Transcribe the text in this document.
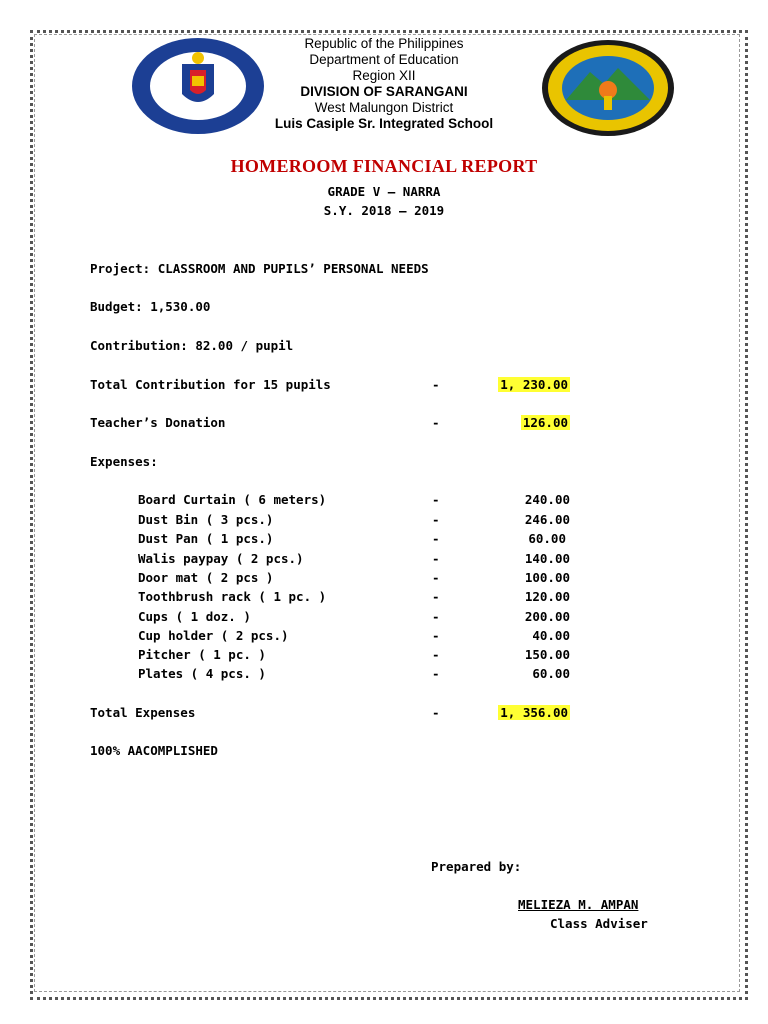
Republic of the Philippines
Department of Education
Region XII
DIVISION OF SARANGANI
West Malungon District
Luis Casiple Sr. Integrated School
HOMEROOM FINANCIAL REPORT
GRADE V – NARRA
S.Y. 2018 – 2019
Project: CLASSROOM AND PUPILS’ PERSONAL NEEDS
Budget: 1,530.00
Contribution: 82.00 / pupil
Total Contribution for 15 pupils	-	1, 230.00
Teacher’s Donation	-	126.00
Expenses:
Board Curtain ( 6 meters)	-	240.00
Dust Bin ( 3 pcs.)	-	246.00
Dust Pan ( 1 pcs.)	-	60.00
Walis paypay ( 2 pcs.)	-	140.00
Door mat ( 2 pcs )	-	100.00
Toothbrush rack ( 1 pc. )	-	120.00
Cups ( 1 doz. )	-	200.00
Cup holder ( 2 pcs.)	-	40.00
Pitcher ( 1 pc. )	-	150.00
Plates ( 4 pcs. )	-	60.00
Total Expenses	-	1, 356.00
100% AACOMPLISHED
Prepared by:
MELIEZA M. AMPAN
Class Adviser
